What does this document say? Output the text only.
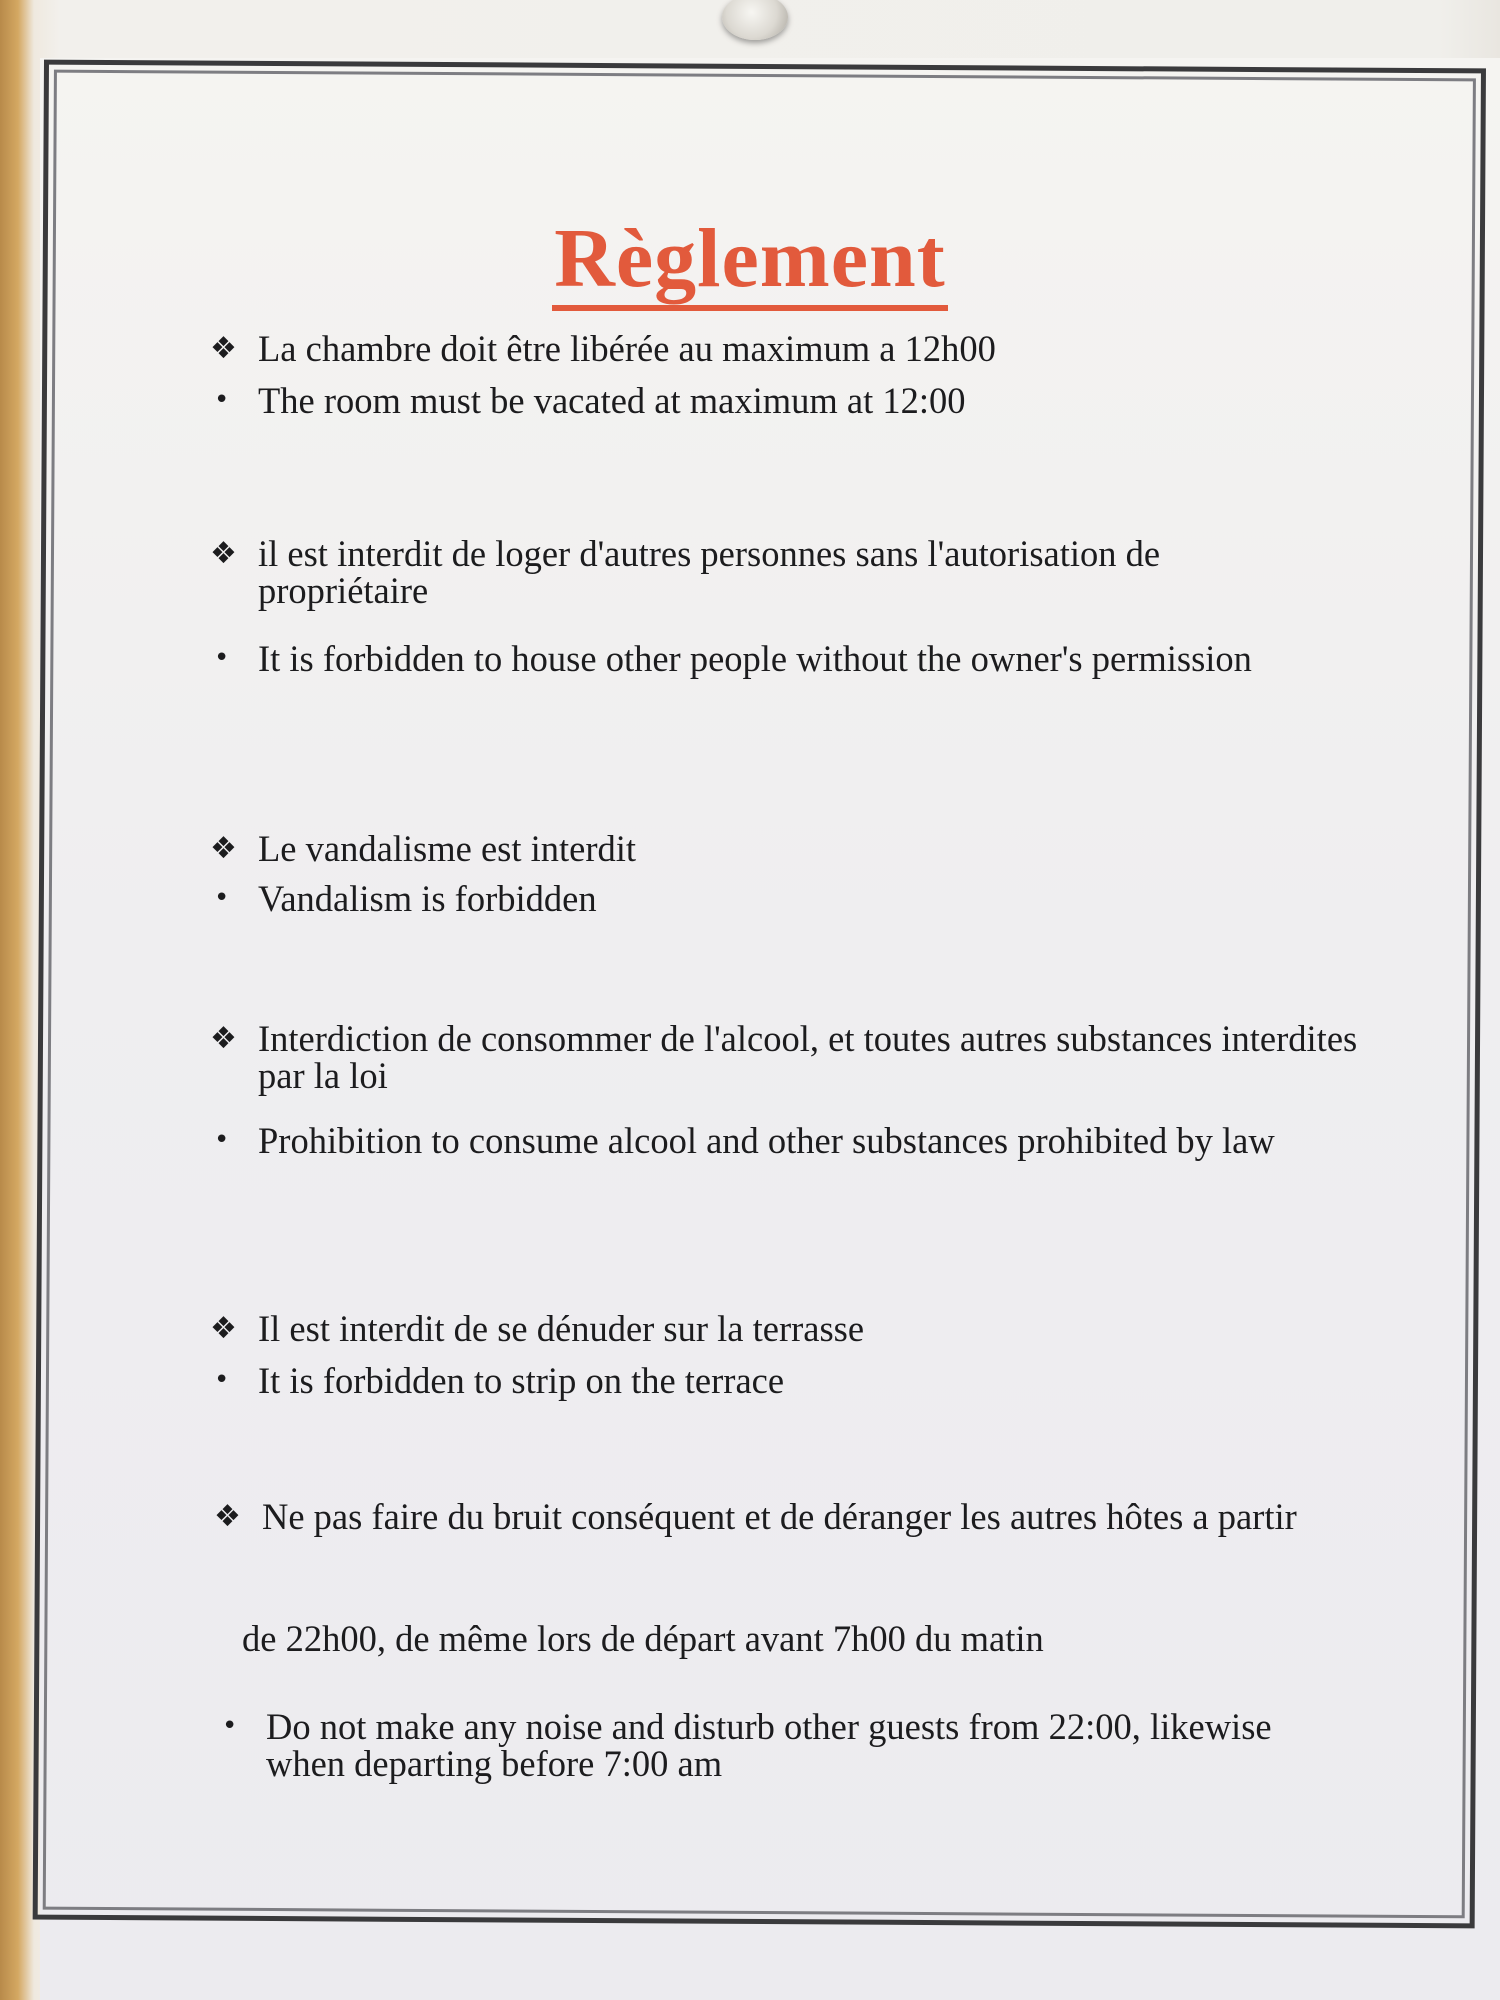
Règlement
❖ La chambre doit être libérée au maximum a 12h00
• The room must be vacated at maximum at 12:00
❖ il est interdit de loger d'autres personnes sans l'autorisation de propriétaire
• It is forbidden to house other people without the owner's permission
❖ Le vandalisme est interdit
• Vandalism is forbidden
❖ Interdiction de consommer de l'alcool, et toutes autres substances interdites par la loi
• Prohibition to consume alcool and other substances prohibited by law
❖ Il est interdit de se dénuder sur la terrasse
• It is forbidden to strip on the terrace
❖ Ne pas faire du bruit conséquent et de déranger les autres hôtes a partir
de 22h00, de même lors de départ avant 7h00 du matin
• Do not make any noise and disturb other guests from 22:00, likewise when departing before 7:00 am
